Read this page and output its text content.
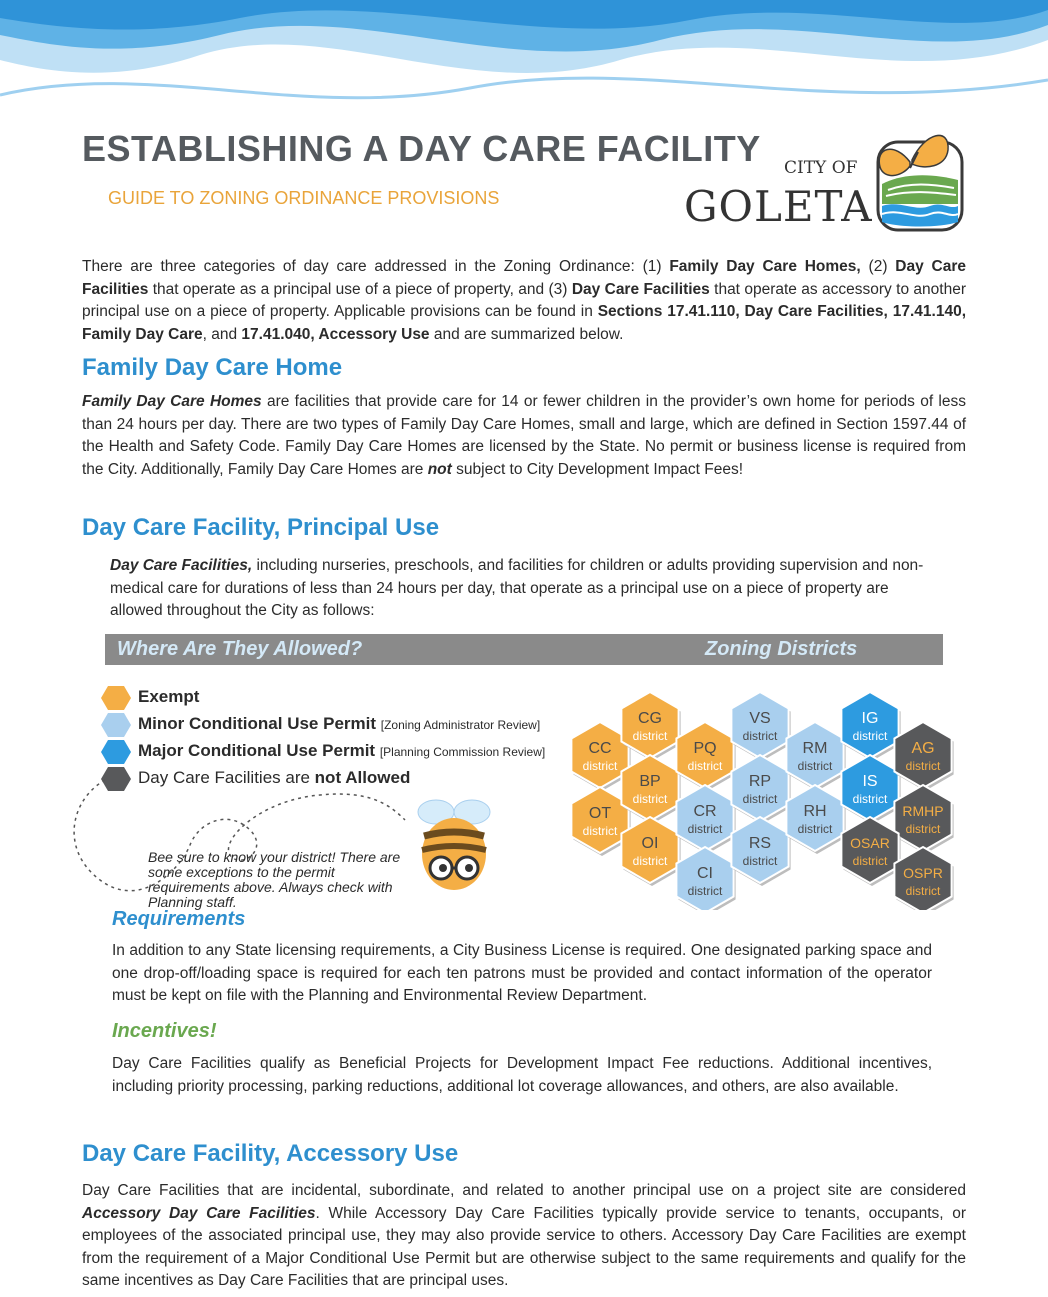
ESTABLISHING A DAY CARE FACILITY
GUIDE TO ZONING ORDINANCE PROVISIONS
CITY OF
GOLETA

There are three categories of day care addressed in the Zoning Ordinance: (1) Family Day Care Homes, (2) Day Care Facilities that operate as a principal use of a piece of property, and (3) Day Care Facilities that operate as accessory to another principal use on a piece of property. Applicable provisions can be found in Sections 17.41.110, Day Care Facilities, 17.41.140, Family Day Care, and 17.41.040, Accessory Use and are summarized below.

Family Day Care Home

Family Day Care Homes are facilities that provide care for 14 or fewer children in the provider’s own home for periods of less than 24 hours per day. There are two types of Family Day Care Homes, small and large, which are defined in Section 1597.44 of the Health and Safety Code. Family Day Care Homes are licensed by the State. No permit or business license is required from the City. Additionally, Family Day Care Homes are not subject to City Development Impact Fees!

Day Care Facility, Principal Use

Day Care Facilities, including nurseries, preschools, and facilities for children or adults providing supervision and non-medical care for durations of less than 24 hours per day, that operate as a principal use on a piece of property are allowed throughout the City as follows:

Where Are They Allowed?	Zoning Districts
Exempt
Minor Conditional Use Permit [Zoning Administrator Review]
Major Conditional Use Permit [Planning Commission Review]
Day Care Facilities are not Allowed

Bee sure to know your district! There are some exceptions to the permit requirements above. Always check with Planning staff.

CC
district
OT
district
CG
district
BP
district
OI
district
PQ
district
CR
district
CI
district
VS
district
RP
district
RS
district
RM
district
RH
district
IG
district
IS
district
AG
district
RMHP
district
OSAR
district
OSPR
district
Requirements

In addition to any State licensing requirements, a City Business License is required. One designated parking space and one drop-off/loading space is required for each ten patrons must be provided and contact information of the operator must be kept on file with the Planning and Environmental Review Department.

Incentives!

Day Care Facilities qualify as Beneficial Projects for Development Impact Fee reductions. Additional incentives, including priority processing, parking reductions, additional lot coverage allowances, and others, are also available.

Day Care Facility, Accessory Use

Day Care Facilities that are incidental, subordinate, and related to another principal use on a project site are considered Accessory Day Care Facilities. While Accessory Day Care Facilities typically provide service to tenants, occupants, or employees of the associated principal use, they may also provide service to others. Accessory Day Care Facilities are exempt from the requirement of a Major Conditional Use Permit but are otherwise subject to the same requirements and qualify for the same incentives as Day Care Facilities that are principal uses.
